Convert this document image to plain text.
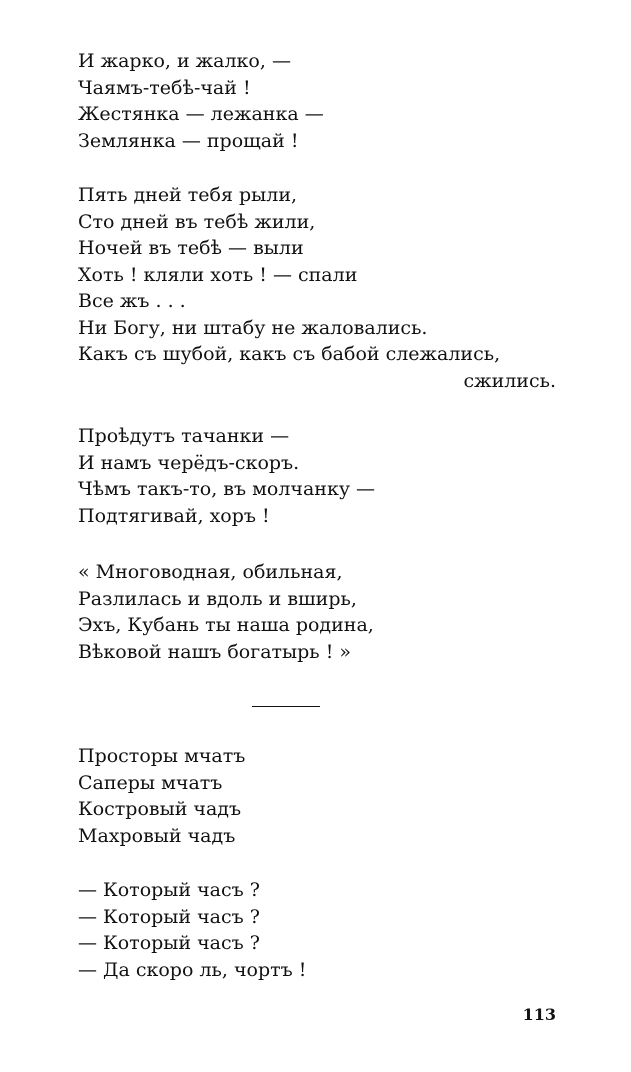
И жарко, и жалко, —
Чаямъ-тебѣ-чай !
Жестянка — лежанка —
Землянка — прощай !
Пять дней тебя рыли,
Сто дней въ тебѣ жили,
Ночей въ тебѣ — выли
Хоть ! кляли хоть ! — спали
Все жъ . . .
Ни Богу, ни штабу не жаловались.
Какъ съ шубой, какъ съ бабой слежались,
сжились.
Проѣдутъ тачанки —
И намъ черёдъ-скоръ.
Чѣмъ такъ-то, въ молчанку —
Подтягивай, хоръ !
« Многоводная, обильная,
Разлилась и вдоль и вширь,
Эхъ, Кубань ты наша родина,
Вѣковой нашъ богатырь ! »
Просторы мчатъ
Саперы мчатъ
Костровый чадъ
Махровый чадъ
— Который часъ ?
— Который часъ ?
— Который часъ ?
— Да скоро ль, чортъ !
113
